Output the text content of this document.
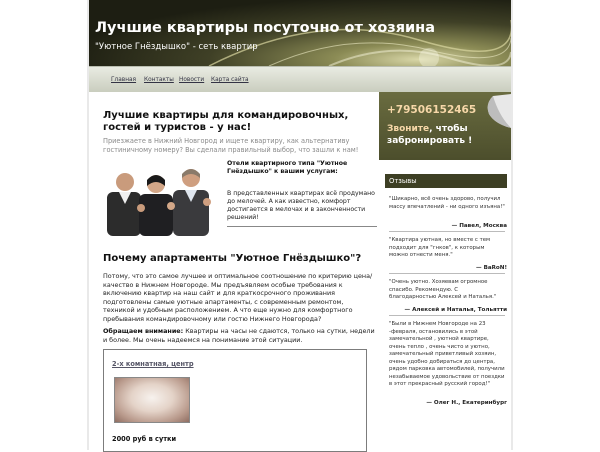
Лучшие квартиры посуточно от хозяина
"Уютное Гнёздышко" - сеть квартир
Главная Контакты Новости Карта сайта
Лучшие квартиры для командировочных, гостей и туристов - у нас!
Приезжаете в Нижний Новгород и ищете квартиру, как альтернативу гостиничному номеру? Вы сделали правильный выбор, что зашли к нам!
Отели квартирного типа "Уютное Гнёздышко" к вашим услугам:
В представленных квартирах всё продумано до мелочей. А как известно, комфорт достигается в мелочах и в законченности решений!
Почему апартаменты "Уютное Гнёздышко"?
Потому, что это самое лучшее и оптимальное соотношение по критерию цена/качество в Нижнем Новгороде. Мы предъявляем особые требования к включению квартир на наш сайт и для краткосрочного проживания подготовлены самые уютные апартаменты, с современным ремонтом, техникой и удобным расположением. А что еще нужно для комфортного пребывания командировочному или гостю Нижнего Новгорода?
Обращаем внимание: Квартиры на часы не сдаются, только на сутки, недели и более. Мы очень надеемся на понимание этой ситуации.
2-х комнатная, центр
2000 руб в сутки
+79506152465
Звоните, чтобы забронировать !
Отзывы
"Шикарно, всё очень здорово, получил массу впечатлений - ни одного изъяна!"
— Павел, Москва
"Квартира уютная, но вместе с тем подходит для "гнков", к которым можно отнести меня."
— BaRoN!
"Очень уютно. Хозяевам огромное спасибо. Рекомендую. С благодарностью Алексей и Наталья."
— Алексей и Наталья, Тольятти
"Были в Нижнем Новгороде на 23 -февраля, остановились в этой замечательной , уютной квартире, очень тепло , очень чисто и уютно, замечательный приветливый хозяин, очень удобно добираться до центра, рядом парковка автомобилей, получили незабываемое удовольствие от поездки в этот прекрасный русский город!"
— Олег Н., Екатеринбург
